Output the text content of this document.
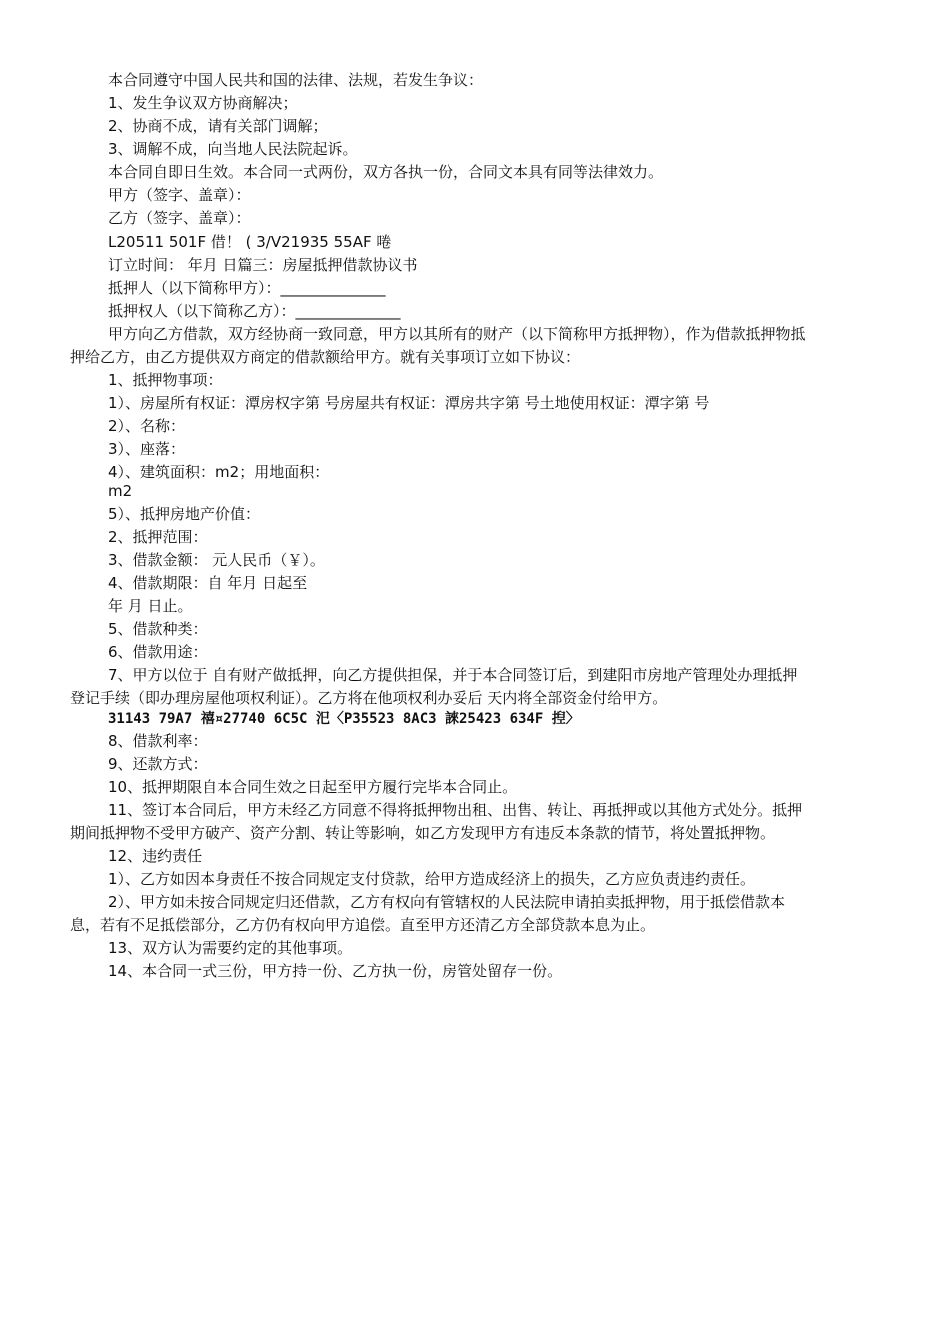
本合同遵守中国人民共和国的法律、法规，若发生争议：
1、发生争议双方协商解决；
2、协商不成，请有关部门调解；
3、调解不成，向当地人民法院起诉。
本合同自即日生效。本合同一式两份，双方各执一份，合同文本具有同等法律效力。
甲方（签字、盖章）：
乙方（签字、盖章）：
L20511 501F 借！ ( 3/V21935 55AF 啳
订立时间： 年月 日篇三：房屋抵押借款协议书
抵押人（以下简称甲方）：______________
抵押权人（以下简称乙方）：______________
甲方向乙方借款，双方经协商一致同意，甲方以其所有的财产（以下简称甲方抵押物），作为借款抵押物抵
押给乙方，由乙方提供双方商定的借款额给甲方。就有关事项订立如下协议：
1、抵押物事项：
1）、房屋所有权证：潭房权字第 号房屋共有权证：潭房共字第 号土地使用权证：潭字第 号
2）、名称：
3）、座落：
4）、建筑面积：m2；用地面积：
m2
5）、抵押房地产价值：
2、抵押范围：
3、借款金额： 元人民币（￥）。
4、借款期限：自 年月 日起至
年 月 日止。
5、借款种类：
6、借款用途：
7、甲方以位于 自有财产做抵押，向乙方提供担保，并于本合同签订后，到建阳市房地产管理处办理抵押
登记手续（即办理房屋他项权利证）。乙方将在他项权利办妥后 天内将全部资金付给甲方。
31143 79A7 禧¤27740 6C5C 汜〈P35523 8AC3 誺25423 634F 揑〉
8、借款利率：
9、还款方式：
10、抵押期限自本合同生效之日起至甲方履行完毕本合同止。
11、签订本合同后，甲方未经乙方同意不得将抵押物出租、出售、转让、再抵押或以其他方式处分。抵押
期间抵押物不受甲方破产、资产分割、转让等影响，如乙方发现甲方有违反本条款的情节，将处置抵押物。
12、违约责任
1）、乙方如因本身责任不按合同规定支付贷款，给甲方造成经济上的损失，乙方应负责违约责任。
2）、甲方如未按合同规定归还借款，乙方有权向有管辖权的人民法院申请拍卖抵押物，用于抵偿借款本
息，若有不足抵偿部分，乙方仍有权向甲方追偿。直至甲方还清乙方全部贷款本息为止。
13、双方认为需要约定的其他事项。
14、本合同一式三份，甲方持一份、乙方执一份，房管处留存一份。
